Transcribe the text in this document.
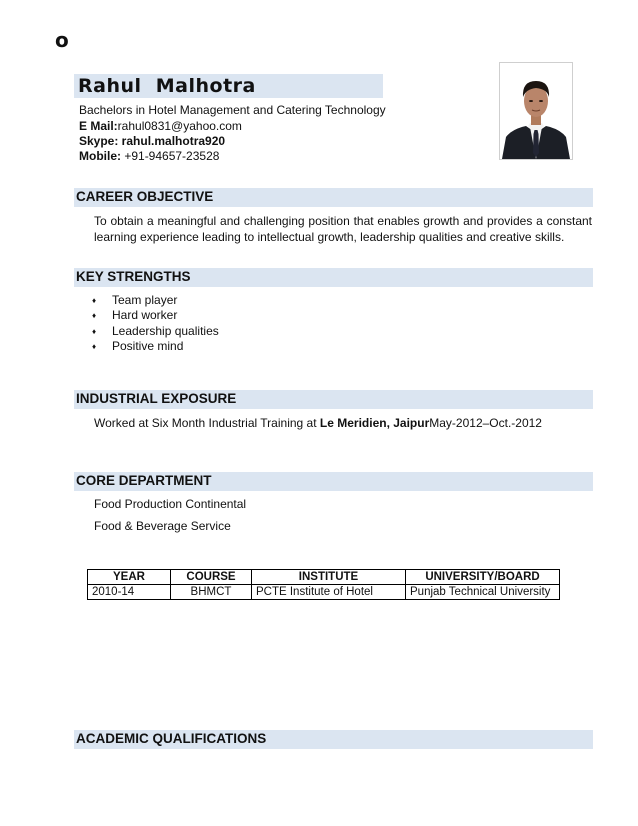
o
Rahul  Malhotra
Bachelors in Hotel Management and Catering Technology
E Mail:rahul0831@yahoo.com
Skype: rahul.malhotra920
Mobile: +91-94657-23528
CAREER OBJECTIVE
To obtain a meaningful and challenging position that enables growth and provides a constant learning experience leading to intellectual growth, leadership qualities and creative skills.
KEY STRENGTHS
♦ Team player
♦ Hard worker
♦ Leadership qualities
♦ Positive mind
INDUSTRIAL EXPOSURE
Worked at Six Month Industrial Training at Le Meridien, JaipurMay-2012–Oct.-2012
CORE DEPARTMENT
Food Production Continental
Food & Beverage Service
YEAR	COURSE	INSTITUTE	UNIVERSITY/BOARD
2010-14	BHMCT	PCTE Institute of Hotel	Punjab Technical University
ACADEMIC QUALIFICATIONS
